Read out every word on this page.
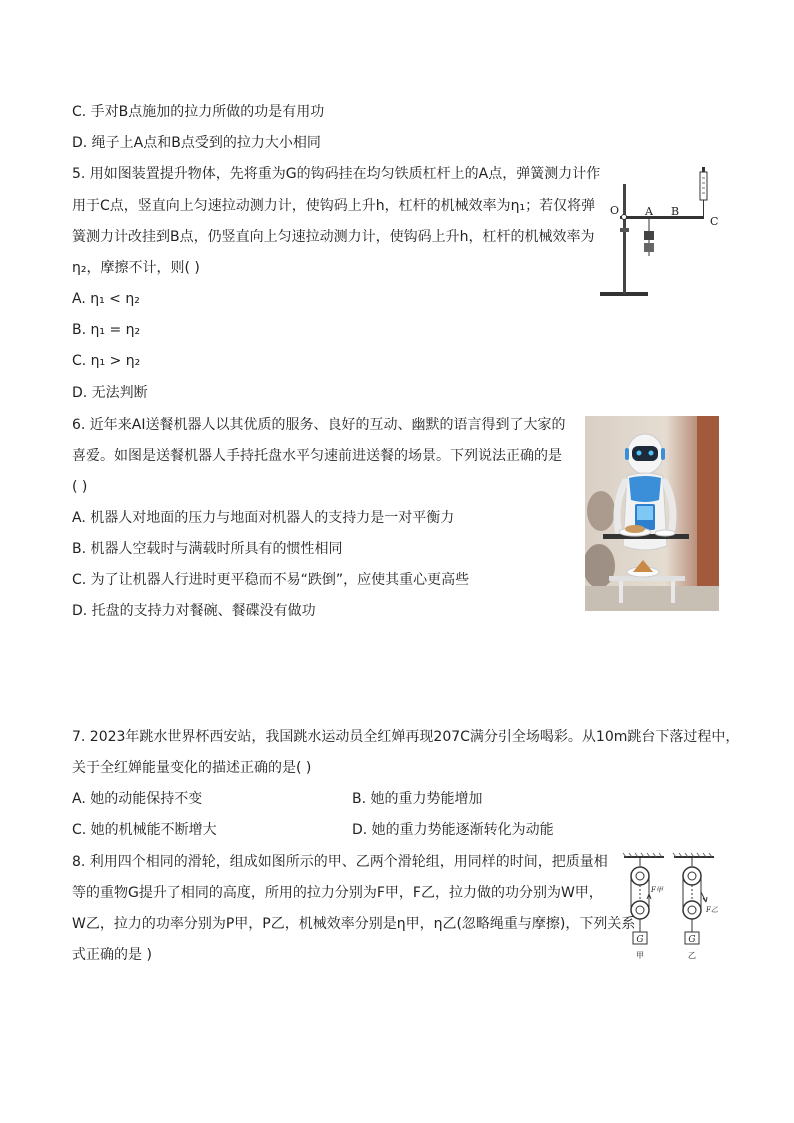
C. 手对B点施加的拉力所做的功是有用功
D. 绳子上A点和B点受到的拉力大小相同
5. 用如图装置提升物体，先将重为G的钩码挂在均匀铁质杠杆上的A点，弹簧测力计作
用于C点，竖直向上匀速拉动测力计，使钩码上升h，杠杆的机械效率为η₁；若仅将弹
簧测力计改挂到B点，仍竖直向上匀速拉动测力计，使钩码上升h，杠杆的机械效率为
η₂，摩擦不计，则( )
A. η₁ < η₂
B. η₁ = η₂
C. η₁ > η₂
D. 无法判断
O A B
C
6. 近年来AI送餐机器人以其优质的服务、良好的互动、幽默的语言得到了大家的
喜爱。如图是送餐机器人手持托盘水平匀速前进送餐的场景。下列说法正确的是
( )
A. 机器人对地面的压力与地面对机器人的支持力是一对平衡力
B. 机器人空载时与满载时所具有的惯性相同
C. 为了让机器人行进时更平稳而不易“跌倒”，应使其重心更高些
D. 托盘的支持力对餐碗、餐碟没有做功
7. 2023年跳水世界杯西安站，我国跳水运动员全红婵再现207C满分引全场喝彩。从10m跳台下落过程中，
关于全红婵能量变化的描述正确的是( )
A. 她的动能保持不变	B. 她的重力势能增加
C. 她的机械能不断增大	D. 她的重力势能逐渐转化为动能
8. 利用四个相同的滑轮，组成如图所示的甲、乙两个滑轮组，用同样的时间，把质量相
等的重物G提升了相同的高度，所用的拉力分别为F甲，F乙，拉力做的功分别为W甲，
W乙，拉力的功率分别为P甲，P乙，机械效率分别是η甲，η乙(忽略绳重与摩擦)，下列关系
式正确的是 )
G
F甲
甲
G
F乙
乙
